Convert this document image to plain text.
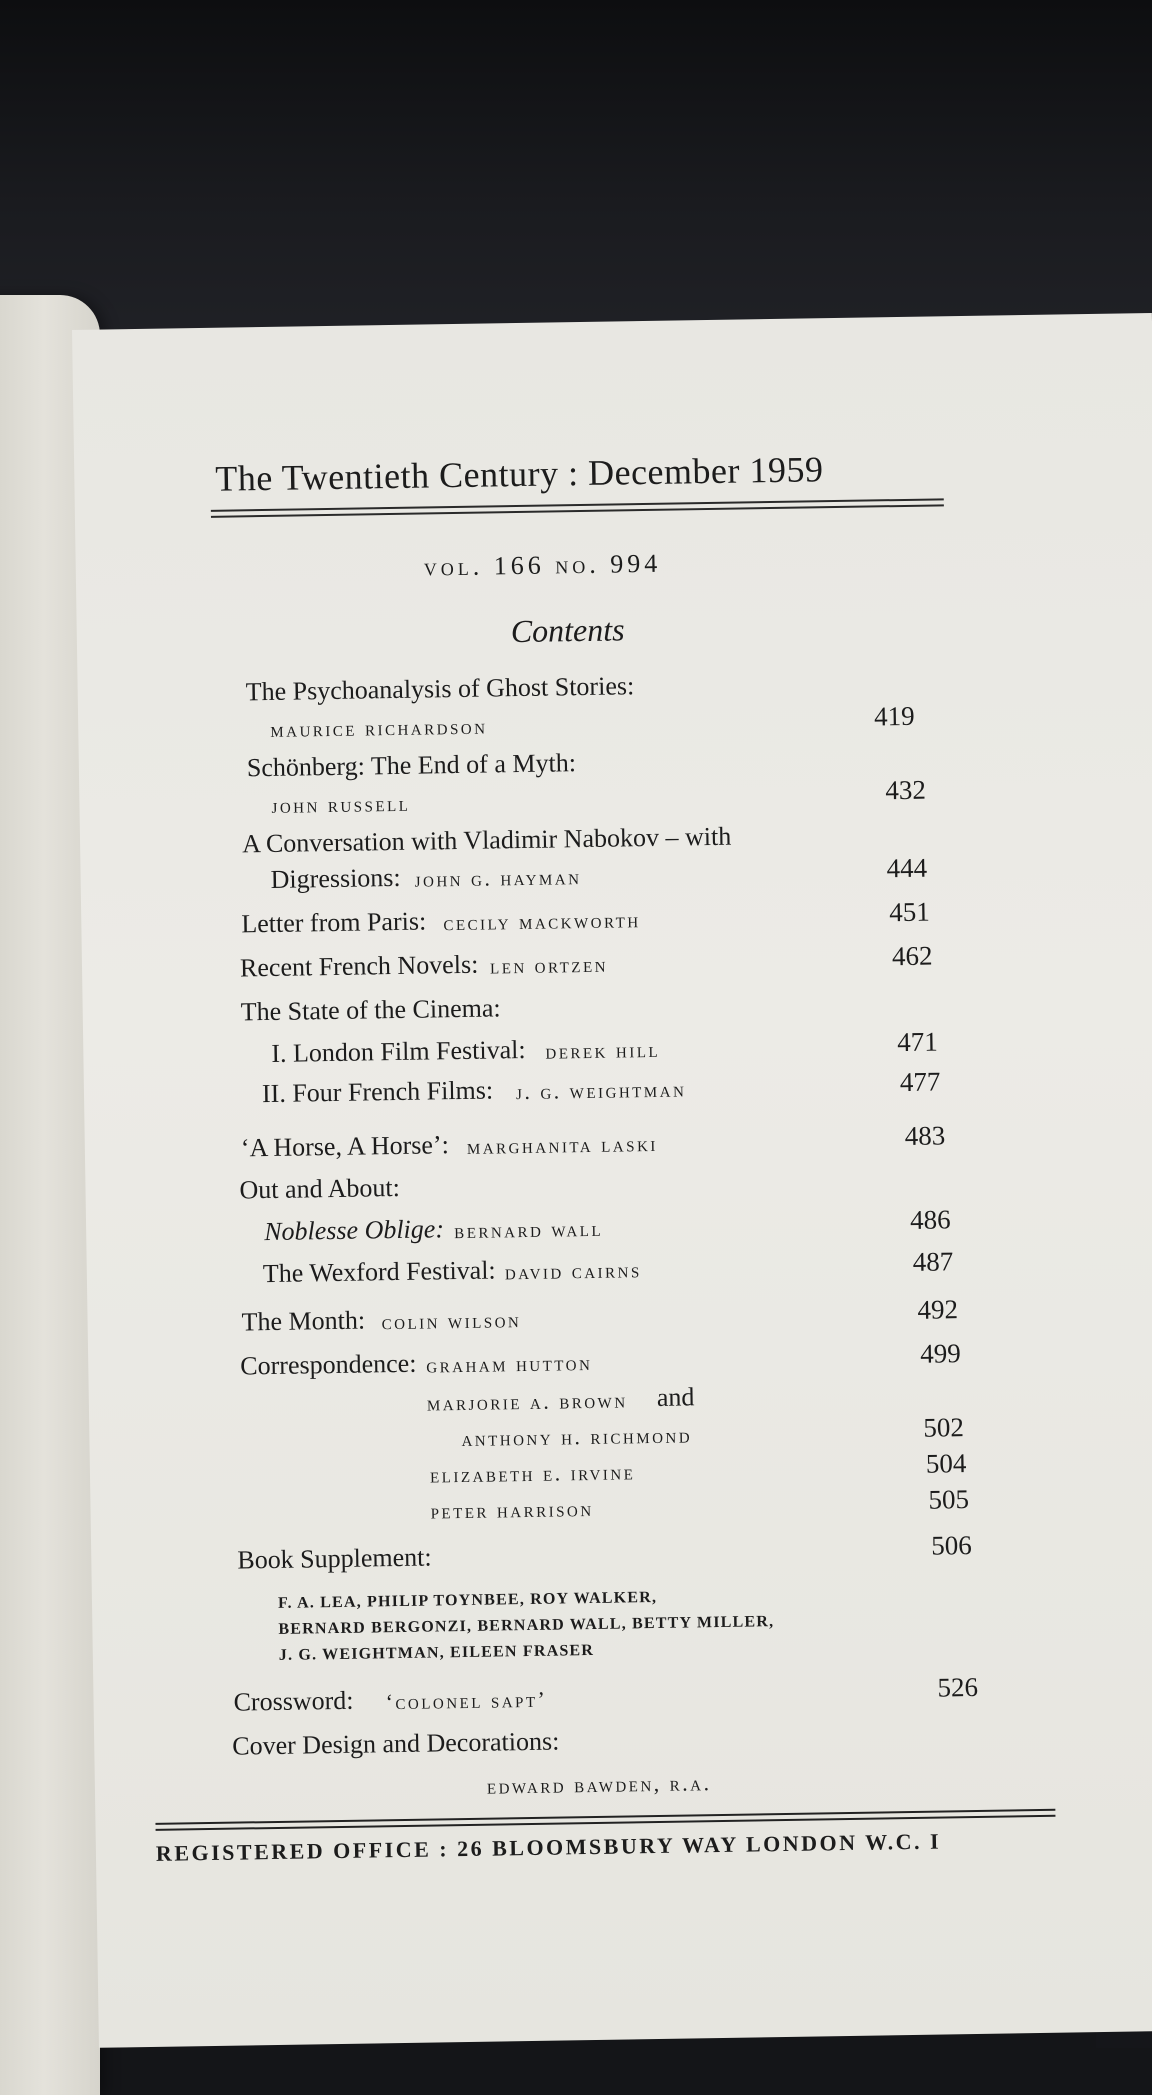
The Twentieth Century : December 1959
vol. 166 no. 994
Contents
The Psychoanalysis of Ghost Stories:
maurice richardson	419
Schönberg: The End of a Myth:
john russell	432
A Conversation with Vladimir Nabokov – with
Digressions: john g. hayman	444
Letter from Paris: cecily mackworth	451
Recent French Novels: len ortzen	462
The State of the Cinema:
I. London Film Festival: derek hill	471
II. Four French Films: j. g. weightman	477
‘A Horse, A Horse’: marghanita laski	483
Out and About:
Noblesse Oblige: bernard wall	486
The Wexford Festival: david cairns	487
The Month: colin wilson	492
Correspondence: graham hutton	499
marjorie a. brown and
anthony h. richmond	502
elizabeth e. irvine	504
peter harrison	505
Book Supplement:	506
F. A. LEA, PHILIP TOYNBEE, ROY WALKER,
BERNARD BERGONZI, BERNARD WALL, BETTY MILLER,
J. G. WEIGHTMAN, EILEEN FRASER
Crossword: ‘colonel sapt’	526
Cover Design and Decorations:
edward bawden, r.a.
REGISTERED OFFICE : 26 BLOOMSBURY WAY LONDON W.C. I
